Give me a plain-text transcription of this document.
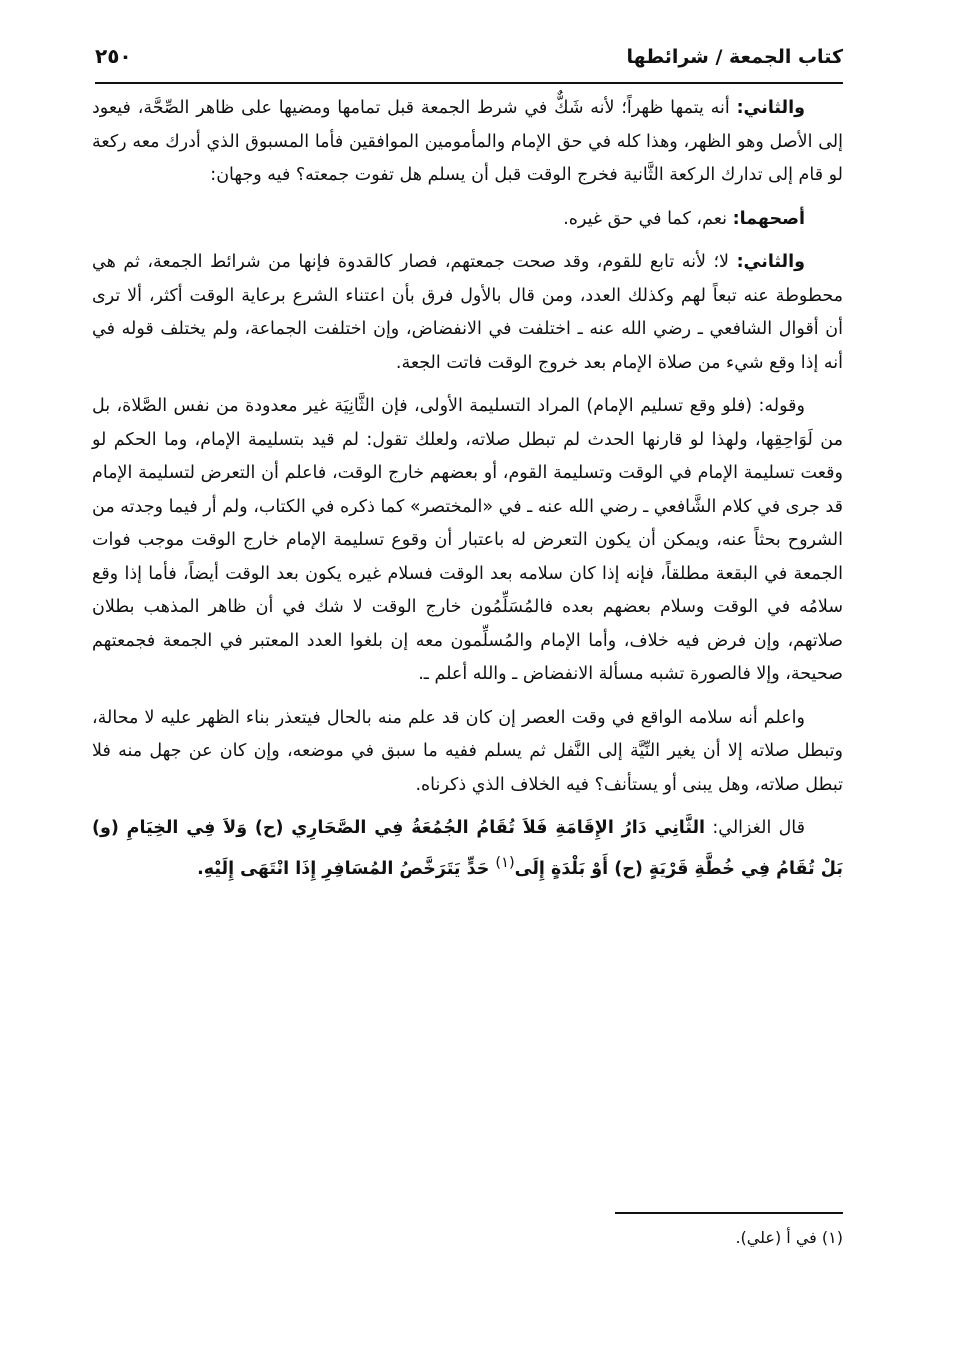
كتاب الجمعة / شرائطها
٢٥٠

والثاني: أنه يتمها ظهراً؛ لأنه شَكٌّ في شرط الجمعة قبل تمامها ومضيها على ظاهر الصِّحَّة، فيعود إلى الأصل وهو الظهر، وهذا كله في حق الإمام والمأمومين الموافقين فأما المسبوق الذي أدرك معه ركعة لو قام إلى تدارك الركعة الثَّانية فخرج الوقت قبل أن يسلم هل تفوت جمعته؟ فيه وجهان:

أصحهما: نعم، كما في حق غيره.

والثاني: لا؛ لأنه تابع للقوم، وقد صحت جمعتهم، فصار كالقدوة فإنها من شرائط الجمعة، ثم هي محطوطة عنه تبعاً لهم وكذلك العدد، ومن قال بالأول فرق بأن اعتناء الشرع برعاية الوقت أكثر، ألا ترى أن أقوال الشافعي ـ رضي الله عنه ـ اختلفت في الانفضاض، وإن اختلفت الجماعة، ولم يختلف قوله في أنه إذا وقع شيء من صلاة الإمام بعد خروج الوقت فاتت الجعة.

وقوله: (فلو وقع تسليم الإمام) المراد التسليمة الأولى، فإن الثَّانِيَة غير معدودة من نفس الصَّلاة، بل من لَوَاحِقِها، ولهذا لو قارنها الحدث لم تبطل صلاته، ولعلك تقول: لم قيد بتسليمة الإمام، وما الحكم لو وقعت تسليمة الإمام في الوقت وتسليمة القوم، أو بعضهم خارج الوقت، فاعلم أن التعرض لتسليمة الإمام قد جرى في كلام الشَّافعي ـ رضي الله عنه ـ في «المختصر» كما ذكره في الكتاب، ولم أر فيما وجدته من الشروح بحثاً عنه، ويمكن أن يكون التعرض له باعتبار أن وقوع تسليمة الإمام خارج الوقت موجب فوات الجمعة في البقعة مطلقاً، فإنه إذا كان سلامه بعد الوقت فسلام غيره يكون بعد الوقت أيضاً، فأما إذا وقع سلامُه في الوقت وسلام بعضهم بعده فالمُسَلِّمُون خارج الوقت لا شك في أن ظاهر المذهب بطلان صلاتهم، وإن فرض فيه خلاف، وأما الإمام والمُسلِّمون معه إن بلغوا العدد المعتبر في الجمعة فجمعتهم صحيحة، وإلا فالصورة تشبه مسألة الانفضاض ـ والله أعلم ـ.

واعلم أنه سلامه الواقع في وقت العصر إن كان قد علم منه بالحال فيتعذر بناء الظهر عليه لا محالة، وتبطل صلاته إلا أن يغير النِّيَّة إلى النَّفل ثم يسلم ففيه ما سبق في موضعه، وإن كان عن جهل منه فلا تبطل صلاته، وهل يبنى أو يستأنف؟ فيه الخلاف الذي ذكرناه.

قال الغزالي: الثَّانِي دَارُ الإِقَامَةِ فَلاَ تُقَامُ الجُمُعَةُ فِي الصَّحَارِي (ح) وَلاَ فِي الخِيَامِ (و) بَلْ تُقَامُ فِي خُطَّةِ قَرْيَةٍ (ح) أَوْ بَلْدَةٍ إِلَى$^{(١)}$ حَدٍّ يَتَرَخَّصُ المُسَافِرِ إِذَا انْتَهَى إِلَيْهِ.

(١) في أ (علي).
